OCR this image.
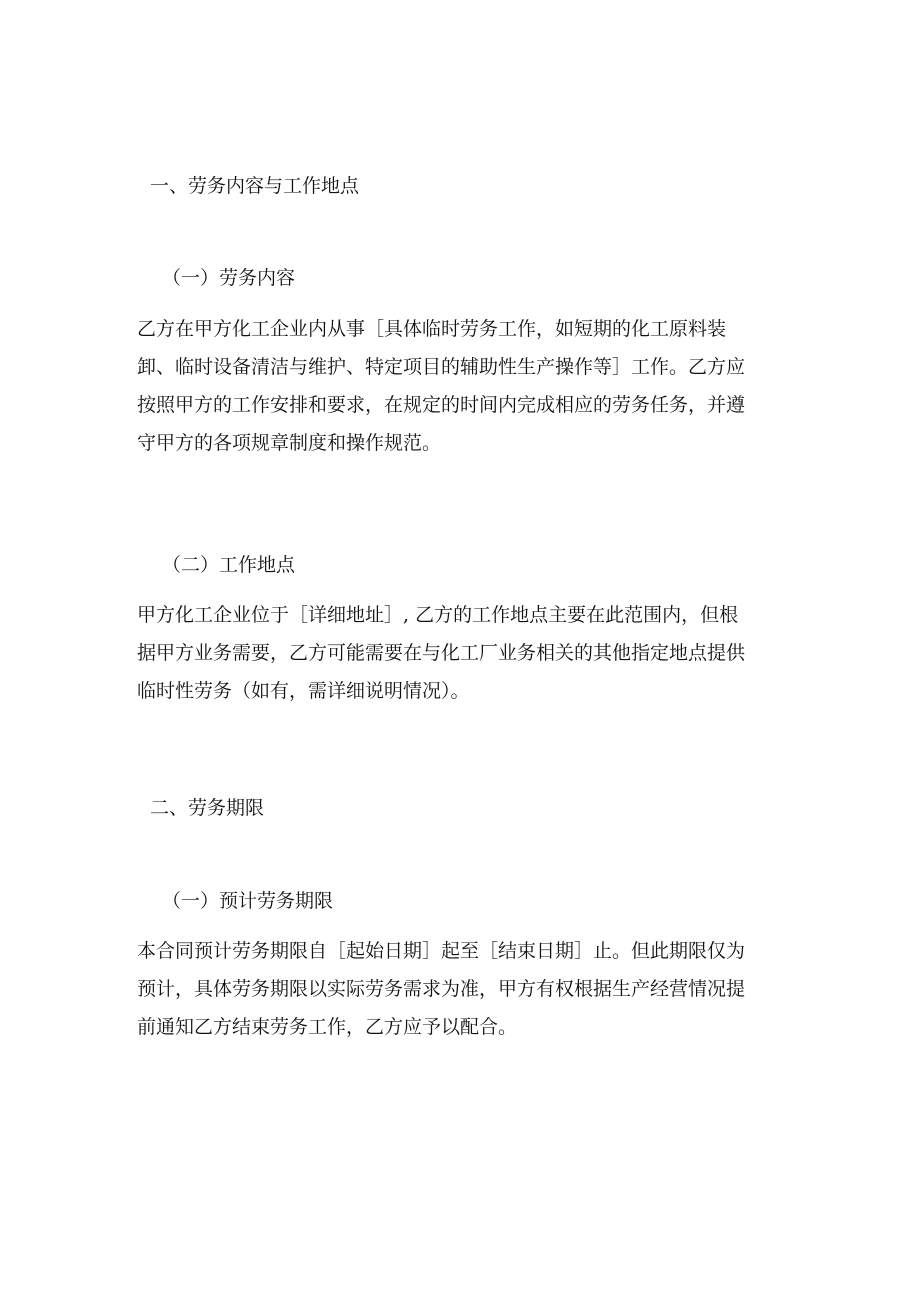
一、劳务内容与工作地点
（一）劳务内容

乙方在甲方化工企业内从事［具体临时劳务工作，如短期的化工原料装
卸、临时设备清洁与维护、特定项目的辅助性生产操作等］工作。乙方应
按照甲方的工作安排和要求，在规定的时间内完成相应的劳务任务，并遵
守甲方的各项规章制度和操作规范。

（二）工作地点

甲方化工企业位于［详细地址］, 乙方的工作地点主要在此范围内，但根
据甲方业务需要，乙方可能需要在与化工厂业务相关的其他指定地点提供
临时性劳务（如有，需详细说明情况）。

二、劳务期限
（一）预计劳务期限

本合同预计劳务期限自［起始日期］起至［结束日期］止。但此期限仅为
预计，具体劳务期限以实际劳务需求为准，甲方有权根据生产经营情况提
前通知乙方结束劳务工作，乙方应予以配合。
